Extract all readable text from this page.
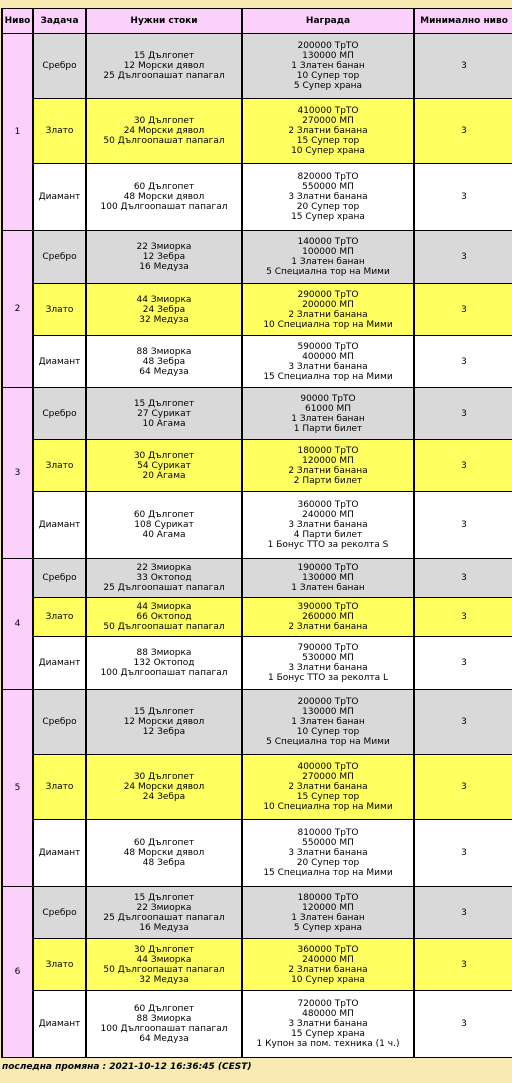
Ниво	Задача	Нужни стоки	Награда	Минимално ниво
1	Сребро	15 Дългопет
12 Морски дявол
25 Дългоопашат папагал	200000 ТрТО
130000 МП
1 Златен банан
10 Супер тор
5 Супер храна	3
	Злато	30 Дългопет
24 Морски дявол
50 Дългоопашат папагал	410000 ТрТО
270000 МП
2 Златни банана
15 Супер тор
10 Супер храна	3
	Диамант	60 Дългопет
48 Морски дявол
100 Дългоопашат папагал	820000 ТрТО
550000 МП
3 Златни банана
20 Супер тор
15 Супер храна	3
2	Сребро	22 Змиорка
12 Зебра
16 Медуза	140000 ТрТО
100000 МП
1 Златен банан
5 Специална тор на Мими	3
	Злато	44 Змиорка
24 Зебра
32 Медуза	290000 ТрТО
200000 МП
2 Златни банана
10 Специална тор на Мими	3
	Диамант	88 Змиорка
48 Зебра
64 Медуза	590000 ТрТО
400000 МП
3 Златни банана
15 Специална тор на Мими	3
3	Сребро	15 Дългопет
27 Сурикат
10 Агама	90000 ТрТО
61000 МП
1 Златен банан
1 Парти билет	3
	Злато	30 Дългопет
54 Сурикат
20 Агама	180000 ТрТО
120000 МП
2 Златни банана
2 Парти билет	3
	Диамант	60 Дългопет
108 Сурикат
40 Агама	360000 ТрТО
240000 МП
3 Златни банана
4 Парти билет
1 Бонус ТТО за реколта S	3
4	Сребро	22 Змиорка
33 Октопод
25 Дългоопашат папагал	190000 ТрТО
130000 МП
1 Златен банан	3
	Злато	44 Змиорка
66 Октопод
50 Дългоопашат папагал	390000 ТрТО
260000 МП
2 Златни банана	3
	Диамант	88 Змиорка
132 Октопод
100 Дългоопашат папагал	790000 ТрТО
530000 МП
3 Златни банана
1 Бонус ТТО за реколта L	3
5	Сребро	15 Дългопет
12 Морски дявол
12 Зебра	200000 ТрТО
130000 МП
1 Златен банан
10 Супер тор
5 Специална тор на Мими	3
	Злато	30 Дългопет
24 Морски дявол
24 Зебра	400000 ТрТО
270000 МП
2 Златни банана
15 Супер тор
10 Специална тор на Мими	3
	Диамант	60 Дългопет
48 Морски дявол
48 Зебра	810000 ТрТО
550000 МП
3 Златни банана
20 Супер тор
15 Специална тор на Мими	3
6	Сребро	15 Дългопет
22 Змиорка
25 Дългоопашат папагал
16 Медуза	180000 ТрТО
120000 МП
1 Златен банан
5 Супер храна	3
	Злато	30 Дългопет
44 Змиорка
50 Дългоопашат папагал
32 Медуза	360000 ТрТО
240000 МП
2 Златни банана
10 Супер храна	3
	Диамант	60 Дългопет
88 Змиорка
100 Дългоопашат папагал
64 Медуза	720000 ТрТО
480000 МП
3 Златни банана
15 Супер храна
1 Купон за пом. техника (1 ч.)	3
последна промяна : 2021-10-12 16:36:45 (CEST)
